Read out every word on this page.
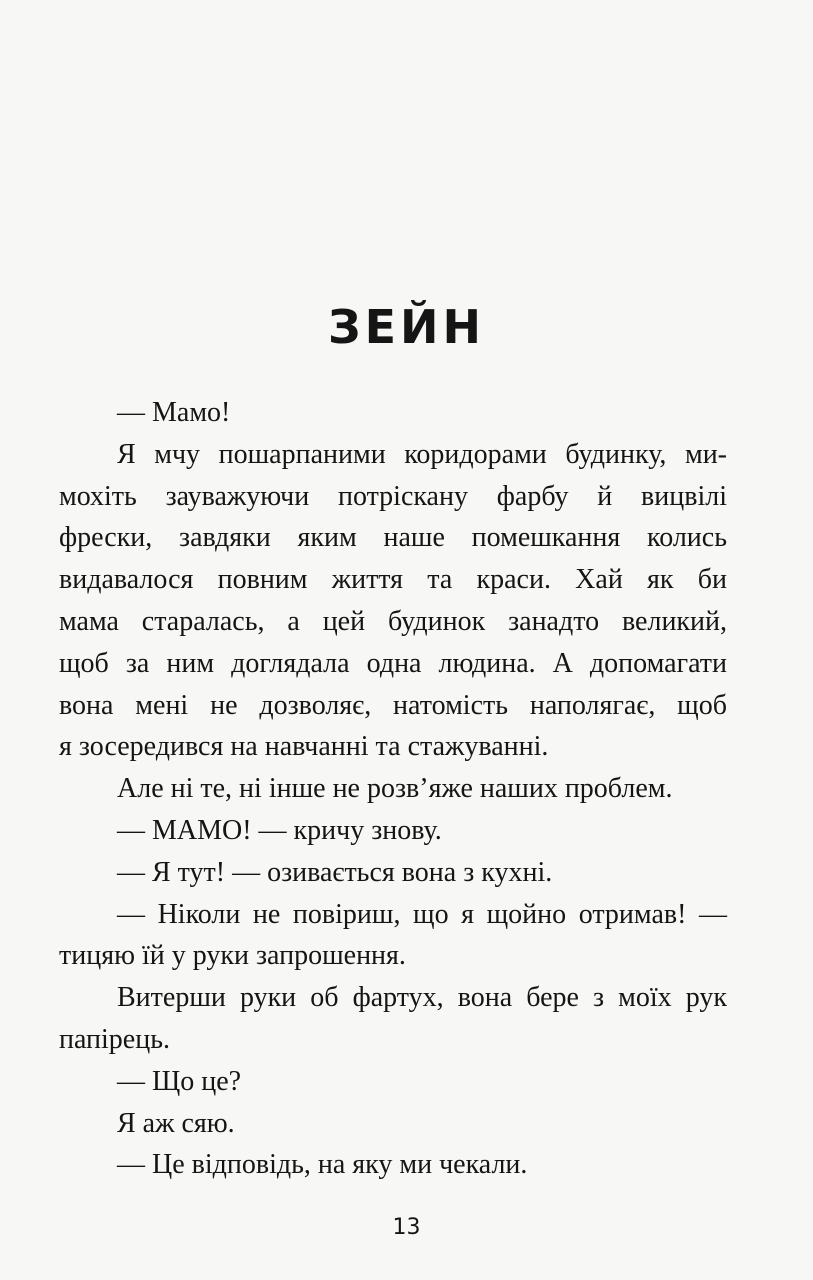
ЗЕЙН
— Мамо!
Я мчу пошарпаними коридорами будинку, ми-
мохіть зауважуючи потріскану фарбу й вицвілі
фрески, завдяки яким наше помешкання колись
видавалося повним життя та краси. Хай як би
мама старалась, а цей будинок занадто великий,
щоб за ним доглядала одна людина. А допомагати
вона мені не дозволяє, натомість наполягає, щоб
я зосередився на навчанні та стажуванні.
Але ні те, ні інше не розв’яже наших проблем.
— МАМО! — кричу знову.
— Я тут! — озивається вона з кухні.
— Ніколи не повіриш, що я щойно отримав! —
тицяю їй у руки запрошення.
Витерши руки об фартух, вона бере з моїх рук
папірець.
— Що це?
Я аж сяю.
— Це відповідь, на яку ми чекали.
13
